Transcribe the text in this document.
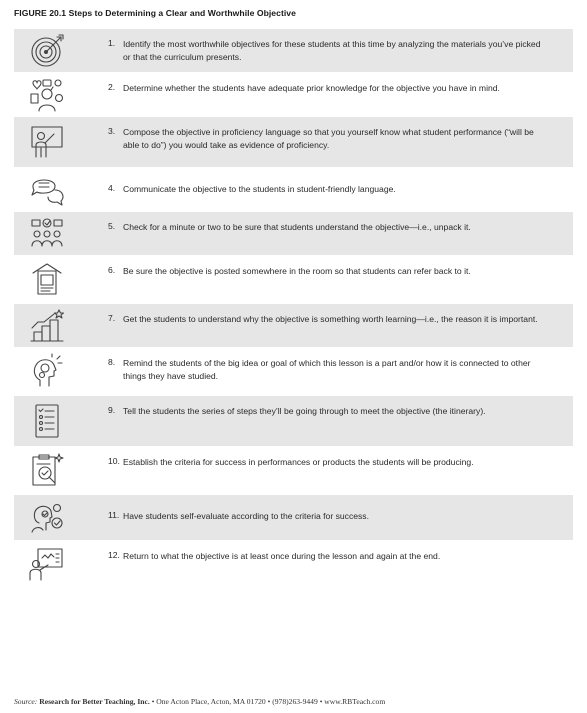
FIGURE 20.1 Steps to Determining a Clear and Worthwhile Objective
1. Identify the most worthwhile objectives for these students at this time by analyzing the materials you’ve picked or that the curriculum presents.
2. Determine whether the students have adequate prior knowledge for the objective you have in mind.
3. Compose the objective in proficiency language so that you yourself know what student performance (“will be able to do”) you would take as evidence of proficiency.
4. Communicate the objective to the students in student-friendly language.
5. Check for a minute or two to be sure that students understand the objective—i.e., unpack it.
6. Be sure the objective is posted somewhere in the room so that students can refer back to it.
7. Get the students to understand why the objective is something worth learning—i.e., the reason it is important.
8. Remind the students of the big idea or goal of which this lesson is a part and/or how it is connected to other things they have studied.
9. Tell the students the series of steps they’ll be going through to meet the objective (the itinerary).
10. Establish the criteria for success in performances or products the students will be producing.
11. Have students self-evaluate according to the criteria for success.
12. Return to what the objective is at least once during the lesson and again at the end.
Source: Research for Better Teaching, Inc. • One Acton Place, Acton, MA 01720 • (978)263-9449 • www.RBTeach.com
